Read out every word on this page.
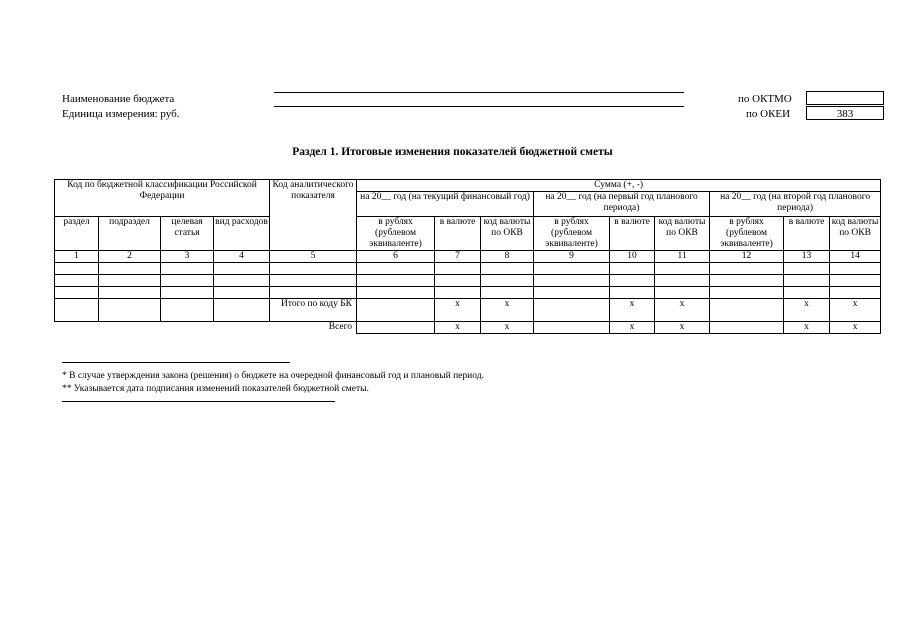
Наименование бюджета
Единица измерения: руб.
по ОКТМО
по ОКЕИ	383
Раздел 1. Итоговые изменения показателей бюджетной сметы
Код по бюджетной классификации Российской Федерации				Код аналитического показателя	Сумма (+, -)								
					на 20__ год (на текущий финансовый год)			на 20__ год (на первый год планового периода)			на 20__ год (на второй год планового периода)		
раздел	подраздел	целевая статья	вид расходов		в рублях (рублевом эквиваленте)	в валюте	код валюты по ОКВ	в рублях (рублевом эквиваленте)	в валюте	код валюты по ОКВ	в рублях (рублевом эквиваленте)	в валюте	код валюты по ОКВ
1	2	3	4	5	6	7	8	9	10	11	12	13	14

				Итого по коду БК		x	x		x	x		x	x
				Всего		x	x		x	x		x	x
* В случае утверждения закона (решения) о бюджете на очередной финансовый год и плановый период.
** Указывается дата подписания изменений показателей бюджетной сметы.
